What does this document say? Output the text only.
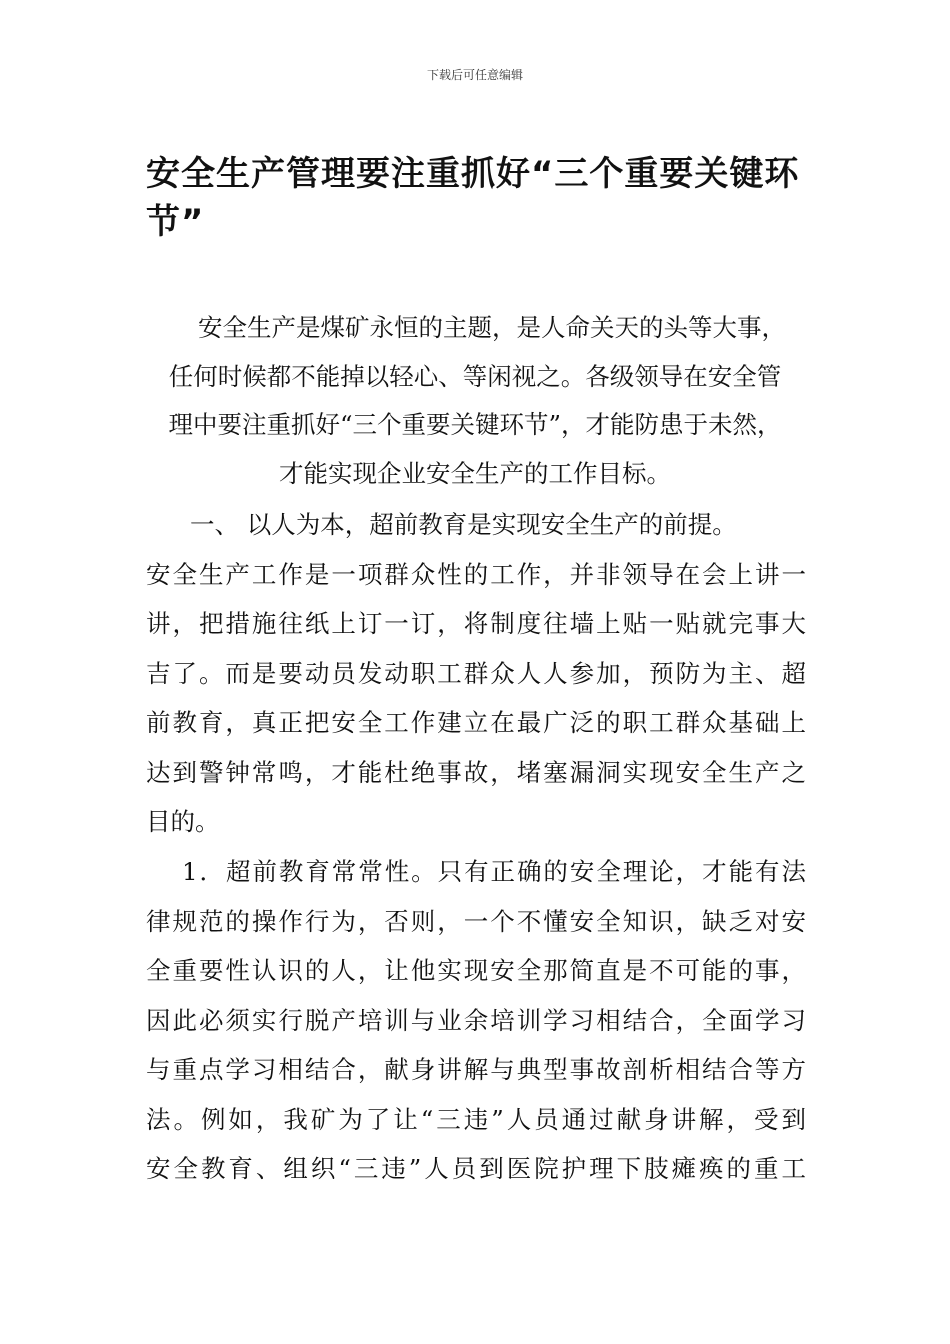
下载后可任意编辑
安全生产管理要注重抓好“三个重要关键环节”
安全生产是煤矿永恒的主题，是人命关天的头等大事，
任何时候都不能掉以轻心、等闲视之。各级领导在安全管
理中要注重抓好“三个重要关键环节”，才能防患于未然，
才能实现企业安全生产的工作目标。
一、 以人为本，超前教育是实现安全生产的前提。
安全生产工作是一项群众性的工作，并非领导在会上讲一
讲，把措施往纸上订一订，将制度往墙上贴一贴就完事大
吉了。而是要动员发动职工群众人人参加，预防为主、超
前教育，真正把安全工作建立在最广泛的职工群众基础上
达到警钟常鸣，才能杜绝事故，堵塞漏洞实现安全生产之
目的。
1．超前教育常常性。只有正确的安全理论，才能有法
律规范的操作行为，否则，一个不懂安全知识，缺乏对安
全重要性认识的人，让他实现安全那简直是不可能的事，
因此必须实行脱产培训与业余培训学习相结合，全面学习
与重点学习相结合，献身讲解与典型事故剖析相结合等方
法。例如，我矿为了让“三违”人员通过献身讲解，受到
安全教育、组织“三违”人员到医院护理下肢瘫痪的重工
